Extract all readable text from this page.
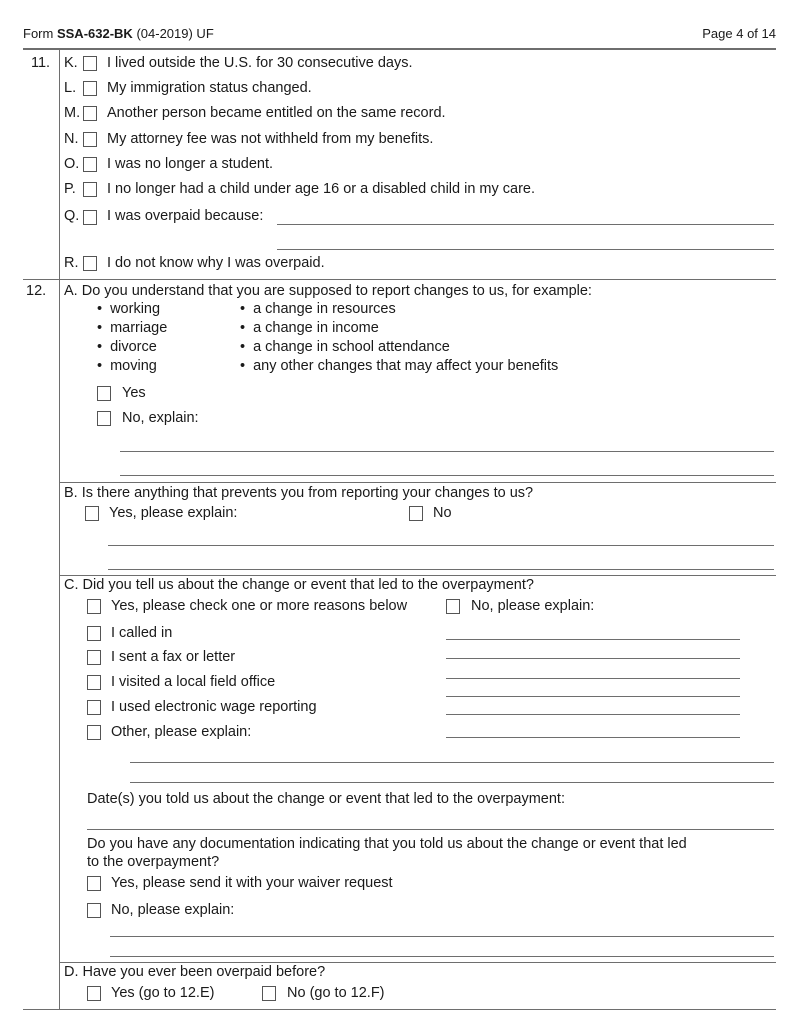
Form SSA-632-BK (04-2019) UF	Page 4 of 14
11. K. I lived outside the U.S. for 30 consecutive days.
L. My immigration status changed.
M. Another person became entitled on the same record.
N. My attorney fee was not withheld from my benefits.
O. I was no longer a student.
P. I no longer had a child under age 16 or a disabled child in my care.
Q. I was overpaid because:
R. I do not know why I was overpaid.
12. A. Do you understand that you are supposed to report changes to us, for example:
• working
• marriage
• divorce
• moving
• a change in resources
• a change in income
• a change in school attendance
• any other changes that may affect your benefits
Yes
No, explain:
B. Is there anything that prevents you from reporting your changes to us?
Yes, please explain:	No
C. Did you tell us about the change or event that led to the overpayment?
Yes, please check one or more reasons below	No, please explain:
I called in
I sent a fax or letter
I visited a local field office
I used electronic wage reporting
Other, please explain:
Date(s) you told us about the change or event that led to the overpayment:
Do you have any documentation indicating that you told us about the change or event that led
to the overpayment?
Yes, please send it with your waiver request
No, please explain:
D. Have you ever been overpaid before?
Yes (go to 12.E)	No (go to 12.F)
